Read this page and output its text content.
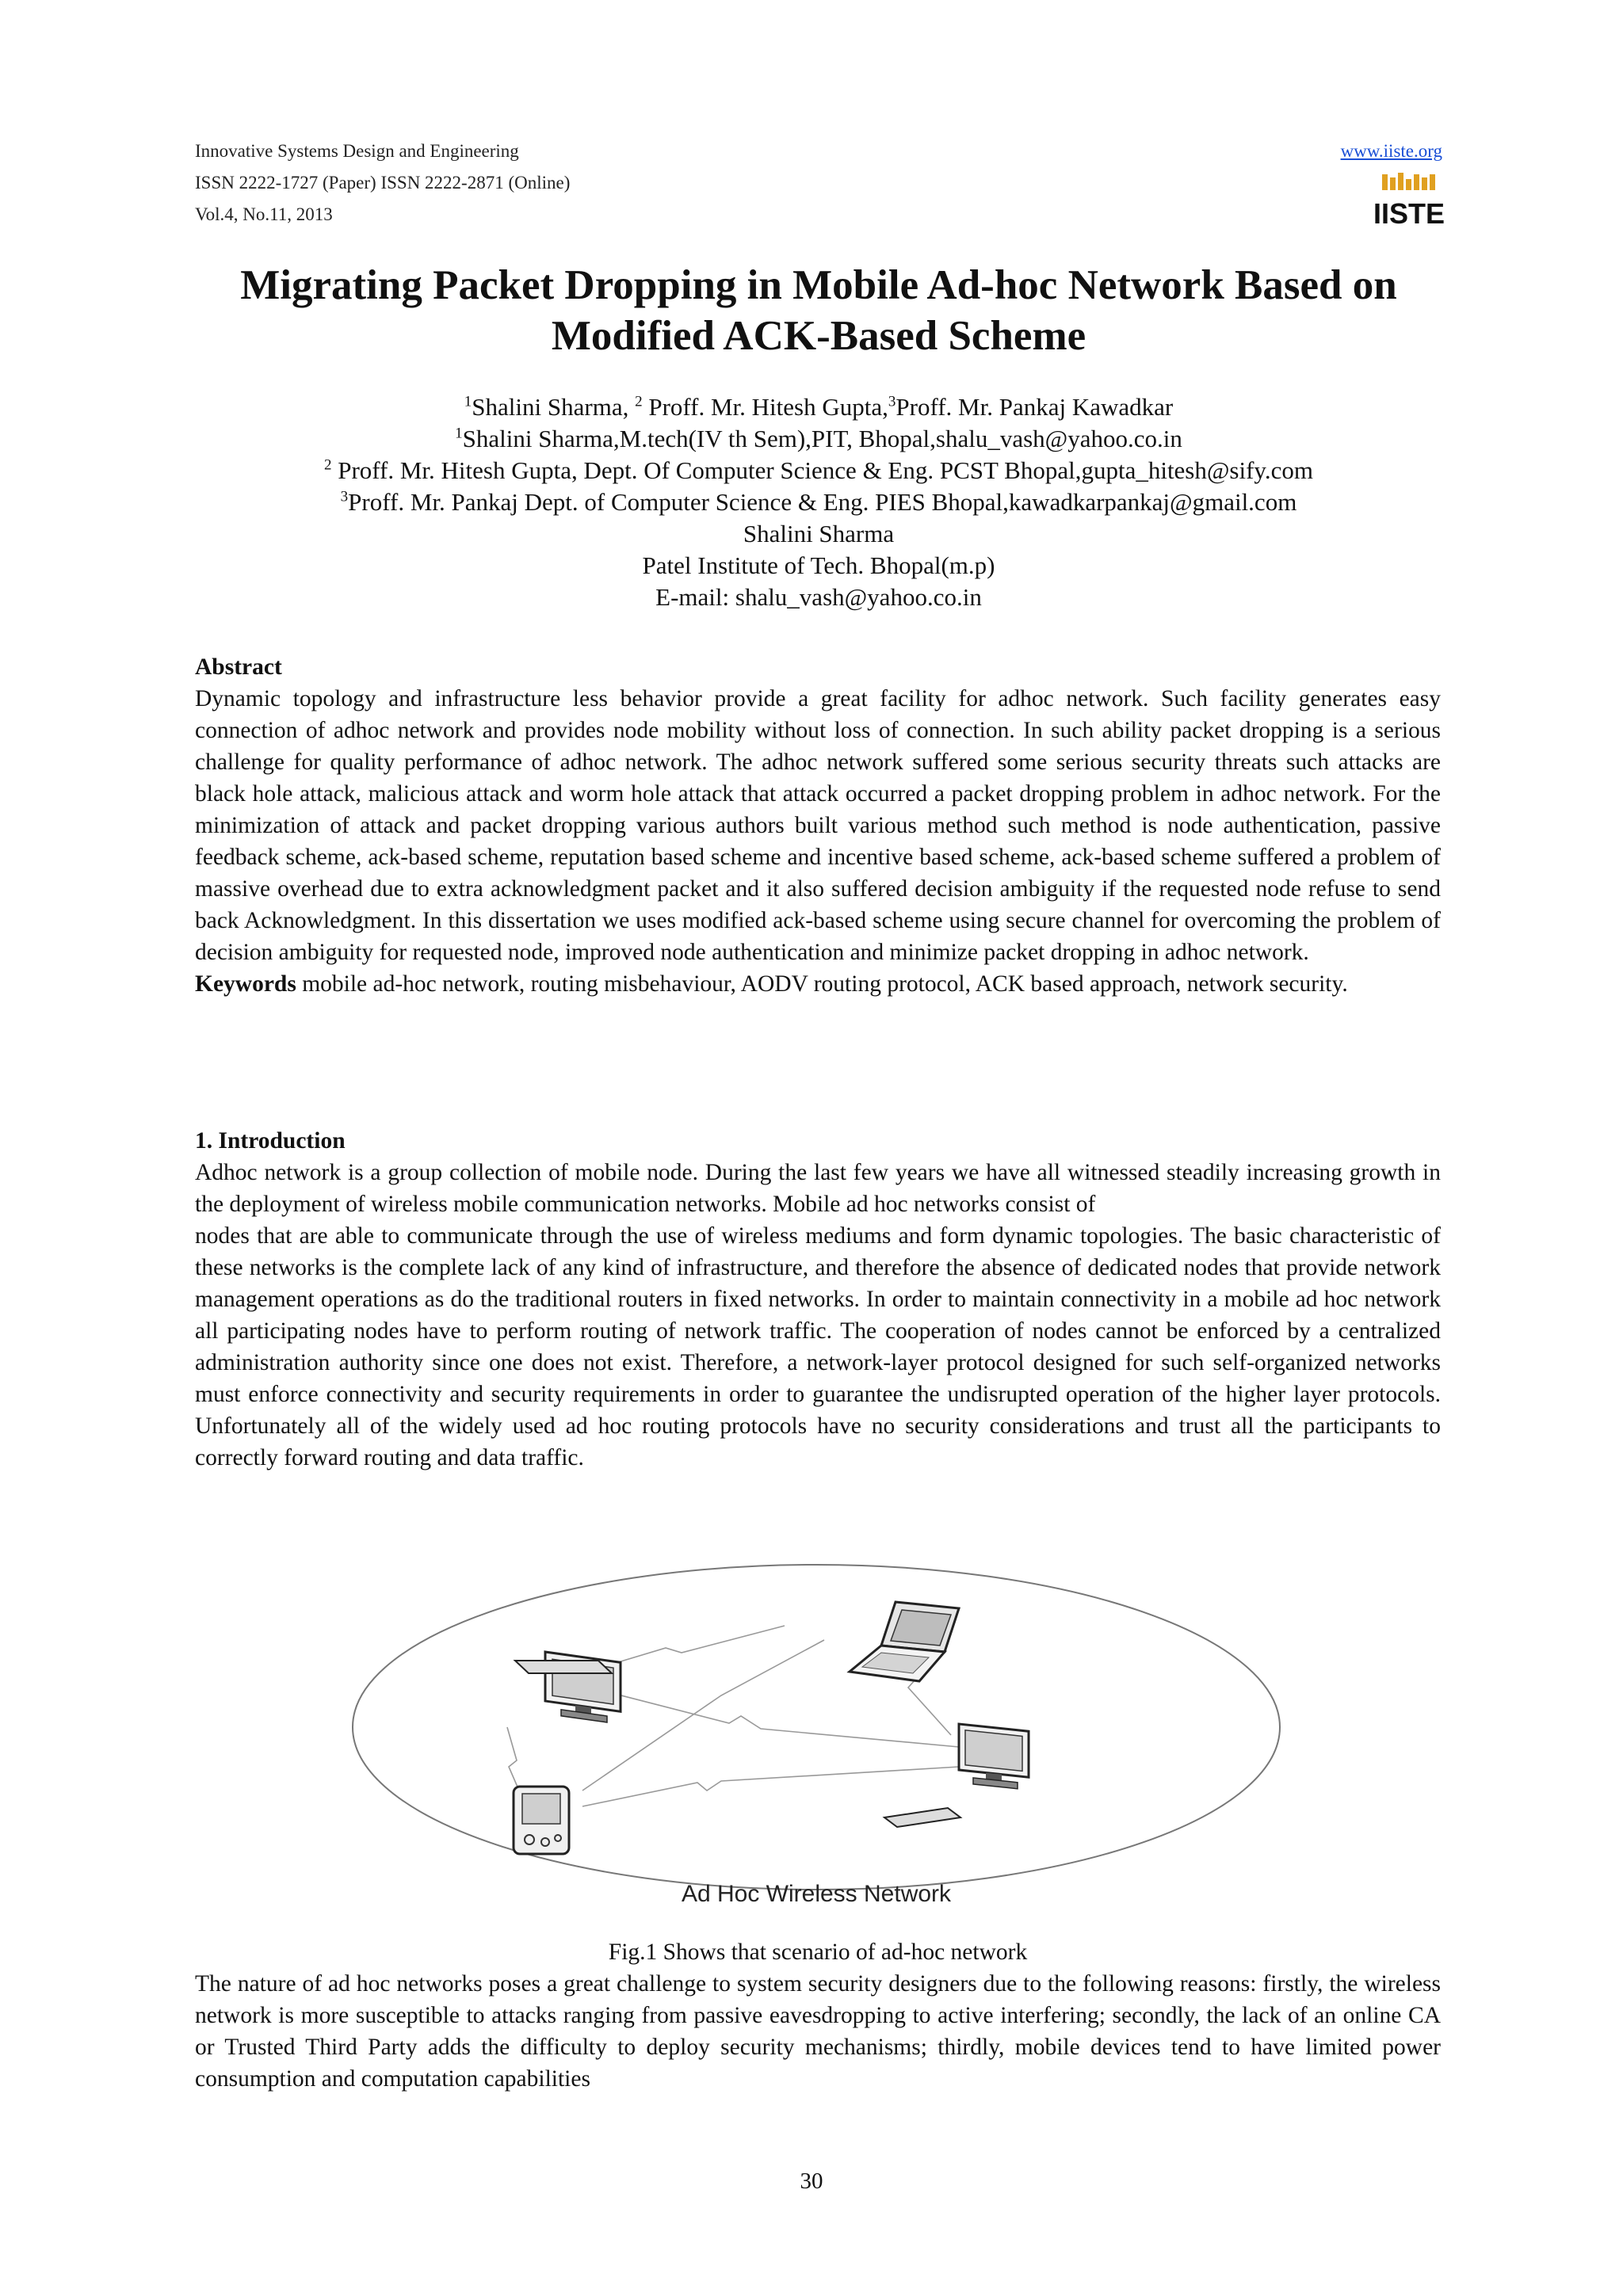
Innovative Systems Design and Engineering
ISSN 2222-1727 (Paper) ISSN 2222-2871 (Online)
Vol.4, No.11, 2013
www.iiste.org
IISTE
Migrating Packet Dropping in Mobile Ad-hoc Network Based on Modified ACK-Based Scheme
$^1$Shalini Sharma, $^2$ Proff. Mr. Hitesh Gupta,$^3$Proff. Mr. Pankaj Kawadkar
$^1$Shalini Sharma,M.tech(IV th Sem),PIT, Bhopal,shalu_vash@yahoo.co.in
$^2$ Proff. Mr. Hitesh Gupta, Dept. Of Computer Science & Eng. PCST Bhopal,gupta_hitesh@sify.com
$^3$Proff. Mr. Pankaj Dept. of Computer Science & Eng. PIES Bhopal,kawadkarpankaj@gmail.com
Shalini Sharma
Patel Institute of Tech. Bhopal(m.p)
E-mail: shalu_vash@yahoo.co.in
Abstract

Dynamic topology and infrastructure less behavior provide a great facility for adhoc network. Such facility generates easy connection of adhoc network and provides node mobility without loss of connection. In such ability packet dropping is a serious challenge for quality performance of adhoc network. The adhoc network suffered some serious security threats such attacks are black hole attack, malicious attack and worm hole attack that attack occurred a packet dropping problem in adhoc network. For the minimization of attack and packet dropping various authors built various method such method is node authentication, passive feedback scheme, ack-based scheme, reputation based scheme and incentive based scheme, ack-based scheme suffered a problem of massive overhead due to extra acknowledgment packet and it also suffered decision ambiguity if the requested node refuse to send back Acknowledgment. In this dissertation we uses modified ack-based scheme using secure channel for overcoming the problem of decision ambiguity for requested node, improved node authentication and minimize packet dropping in adhoc network.

Keywords mobile ad-hoc network, routing misbehaviour, AODV routing protocol, ACK based approach, network security.

1. Introduction

Adhoc network is a group collection of mobile node. During the last few years we have all witnessed steadily increasing growth in the deployment of wireless mobile communication networks. Mobile ad hoc networks consist of

nodes that are able to communicate through the use of wireless mediums and form dynamic topologies. The basic characteristic of these networks is the complete lack of any kind of infrastructure, and therefore the absence of dedicated nodes that provide network management operations as do the traditional routers in fixed networks. In order to maintain connectivity in a mobile ad hoc network all participating nodes have to perform routing of network traffic. The cooperation of nodes cannot be enforced by a centralized administration authority since one does not exist. Therefore, a network-layer protocol designed for such self-organized networks must enforce connectivity and security requirements in order to guarantee the undisrupted operation of the higher layer protocols. Unfortunately all of the widely used ad hoc routing protocols have no security considerations and trust all the participants to correctly forward routing and data traffic.

Ad Hoc Wireless Network
Fig.1 Shows that scenario of ad-hoc network

The nature of ad hoc networks poses a great challenge to system security designers due to the following reasons: firstly, the wireless network is more susceptible to attacks ranging from passive eavesdropping to active interfering; secondly, the lack of an online CA or Trusted Third Party adds the difficulty to deploy security mechanisms; thirdly, mobile devices tend to have limited power consumption and computation capabilities

30
